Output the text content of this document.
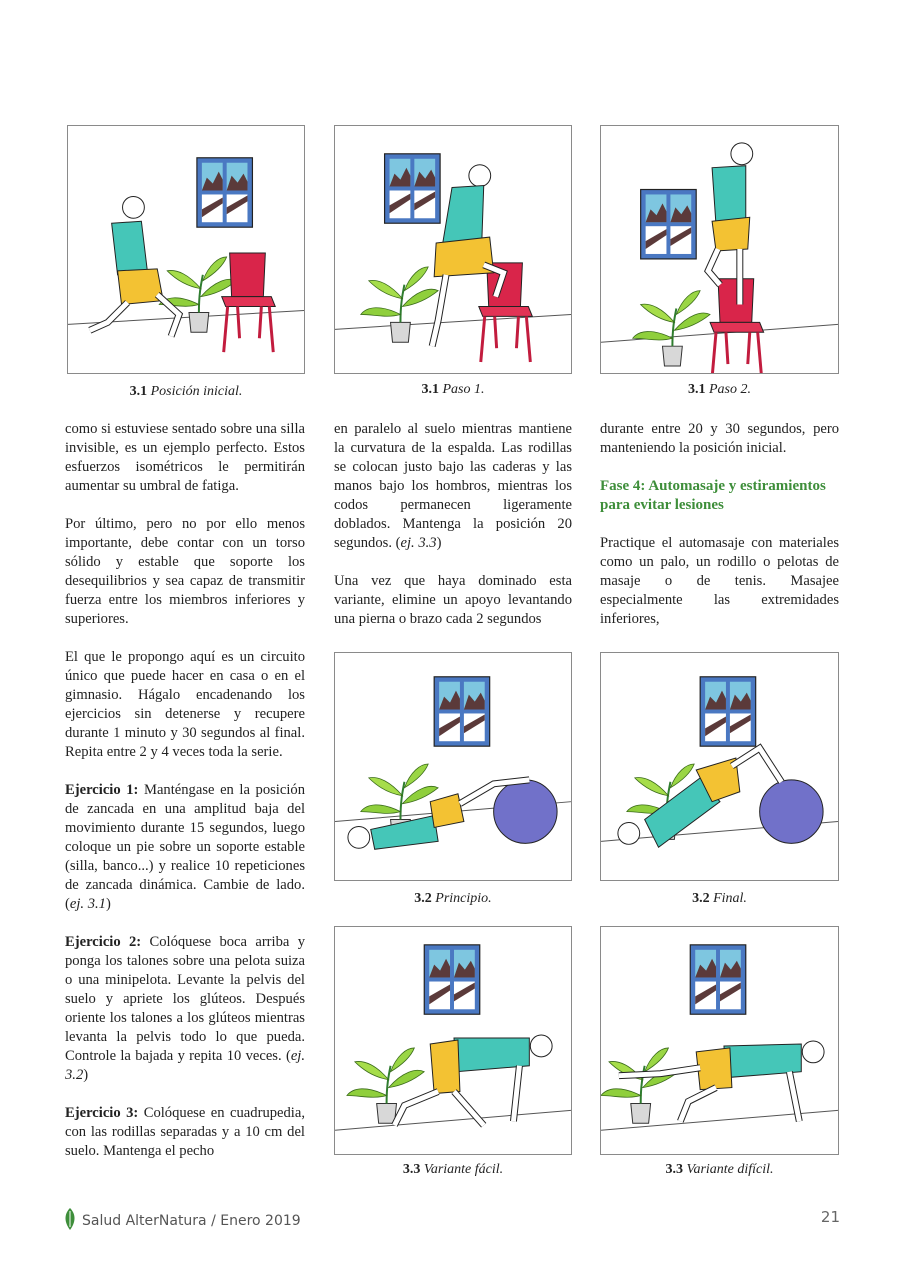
3.1 Posición inicial.	3.1 Paso 1.	3.1 Paso 2.
3.2 Principio.	3.2 Final.
3.3 Variante fácil.	3.3 Variante difícil.

como si estuviese sentado sobre una silla invisible, es un ejemplo perfecto. Estos esfuerzos isométricos le permitirán aumentar su umbral de fatiga.

Por último, pero no por ello menos importante, debe contar con un torso sólido y estable que soporte los desequilibrios y sea capaz de transmitir fuerza entre los miembros inferiores y superiores.

El que le propongo aquí es un circuito único que puede hacer en casa o en el gimnasio. Hágalo encadenando los ejercicios sin detenerse y recupere durante 1 minuto y 30 segundos al final. Repita entre 2 y 4 veces toda la serie.

Ejercicio 1: Manténgase en la posición de zancada en una amplitud baja del movimiento durante 15 segundos, luego coloque un pie sobre un soporte estable (silla, banco...) y realice 10 repeticiones de zancada dinámica. Cambie de lado. (ej. 3.1)

Ejercicio 2: Colóquese boca arriba y ponga los talones sobre una pelota suiza o una minipelota. Levante la pelvis del suelo y apriete los glúteos. Después oriente los talones a los glúteos mientras levanta la pelvis todo lo que pueda. Controle la bajada y repita 10 veces. (ej. 3.2)

Ejercicio 3: Colóquese en cuadrupedia, con las rodillas separadas y a 10 cm del suelo. Mantenga el pecho

en paralelo al suelo mientras mantiene la curvatura de la espalda. Las rodillas se colocan justo bajo las caderas y las manos bajo los hombros, mientras los codos permanecen ligeramente doblados. Mantenga la posición 20 segundos. (ej. 3.3)

Una vez que haya dominado esta variante, elimine un apoyo levantando una pierna o brazo cada 2 segundos

durante entre 20 y 30 segundos, pero manteniendo la posición inicial.

Fase 4: Automasaje y estiramientos para evitar lesiones

Practique el automasaje con materiales como un palo, un rodillo o pelotas de masaje o de tenis. Masajee especialmente las extremidades inferiores,

Salud AlterNatura / Enero 2019	21
